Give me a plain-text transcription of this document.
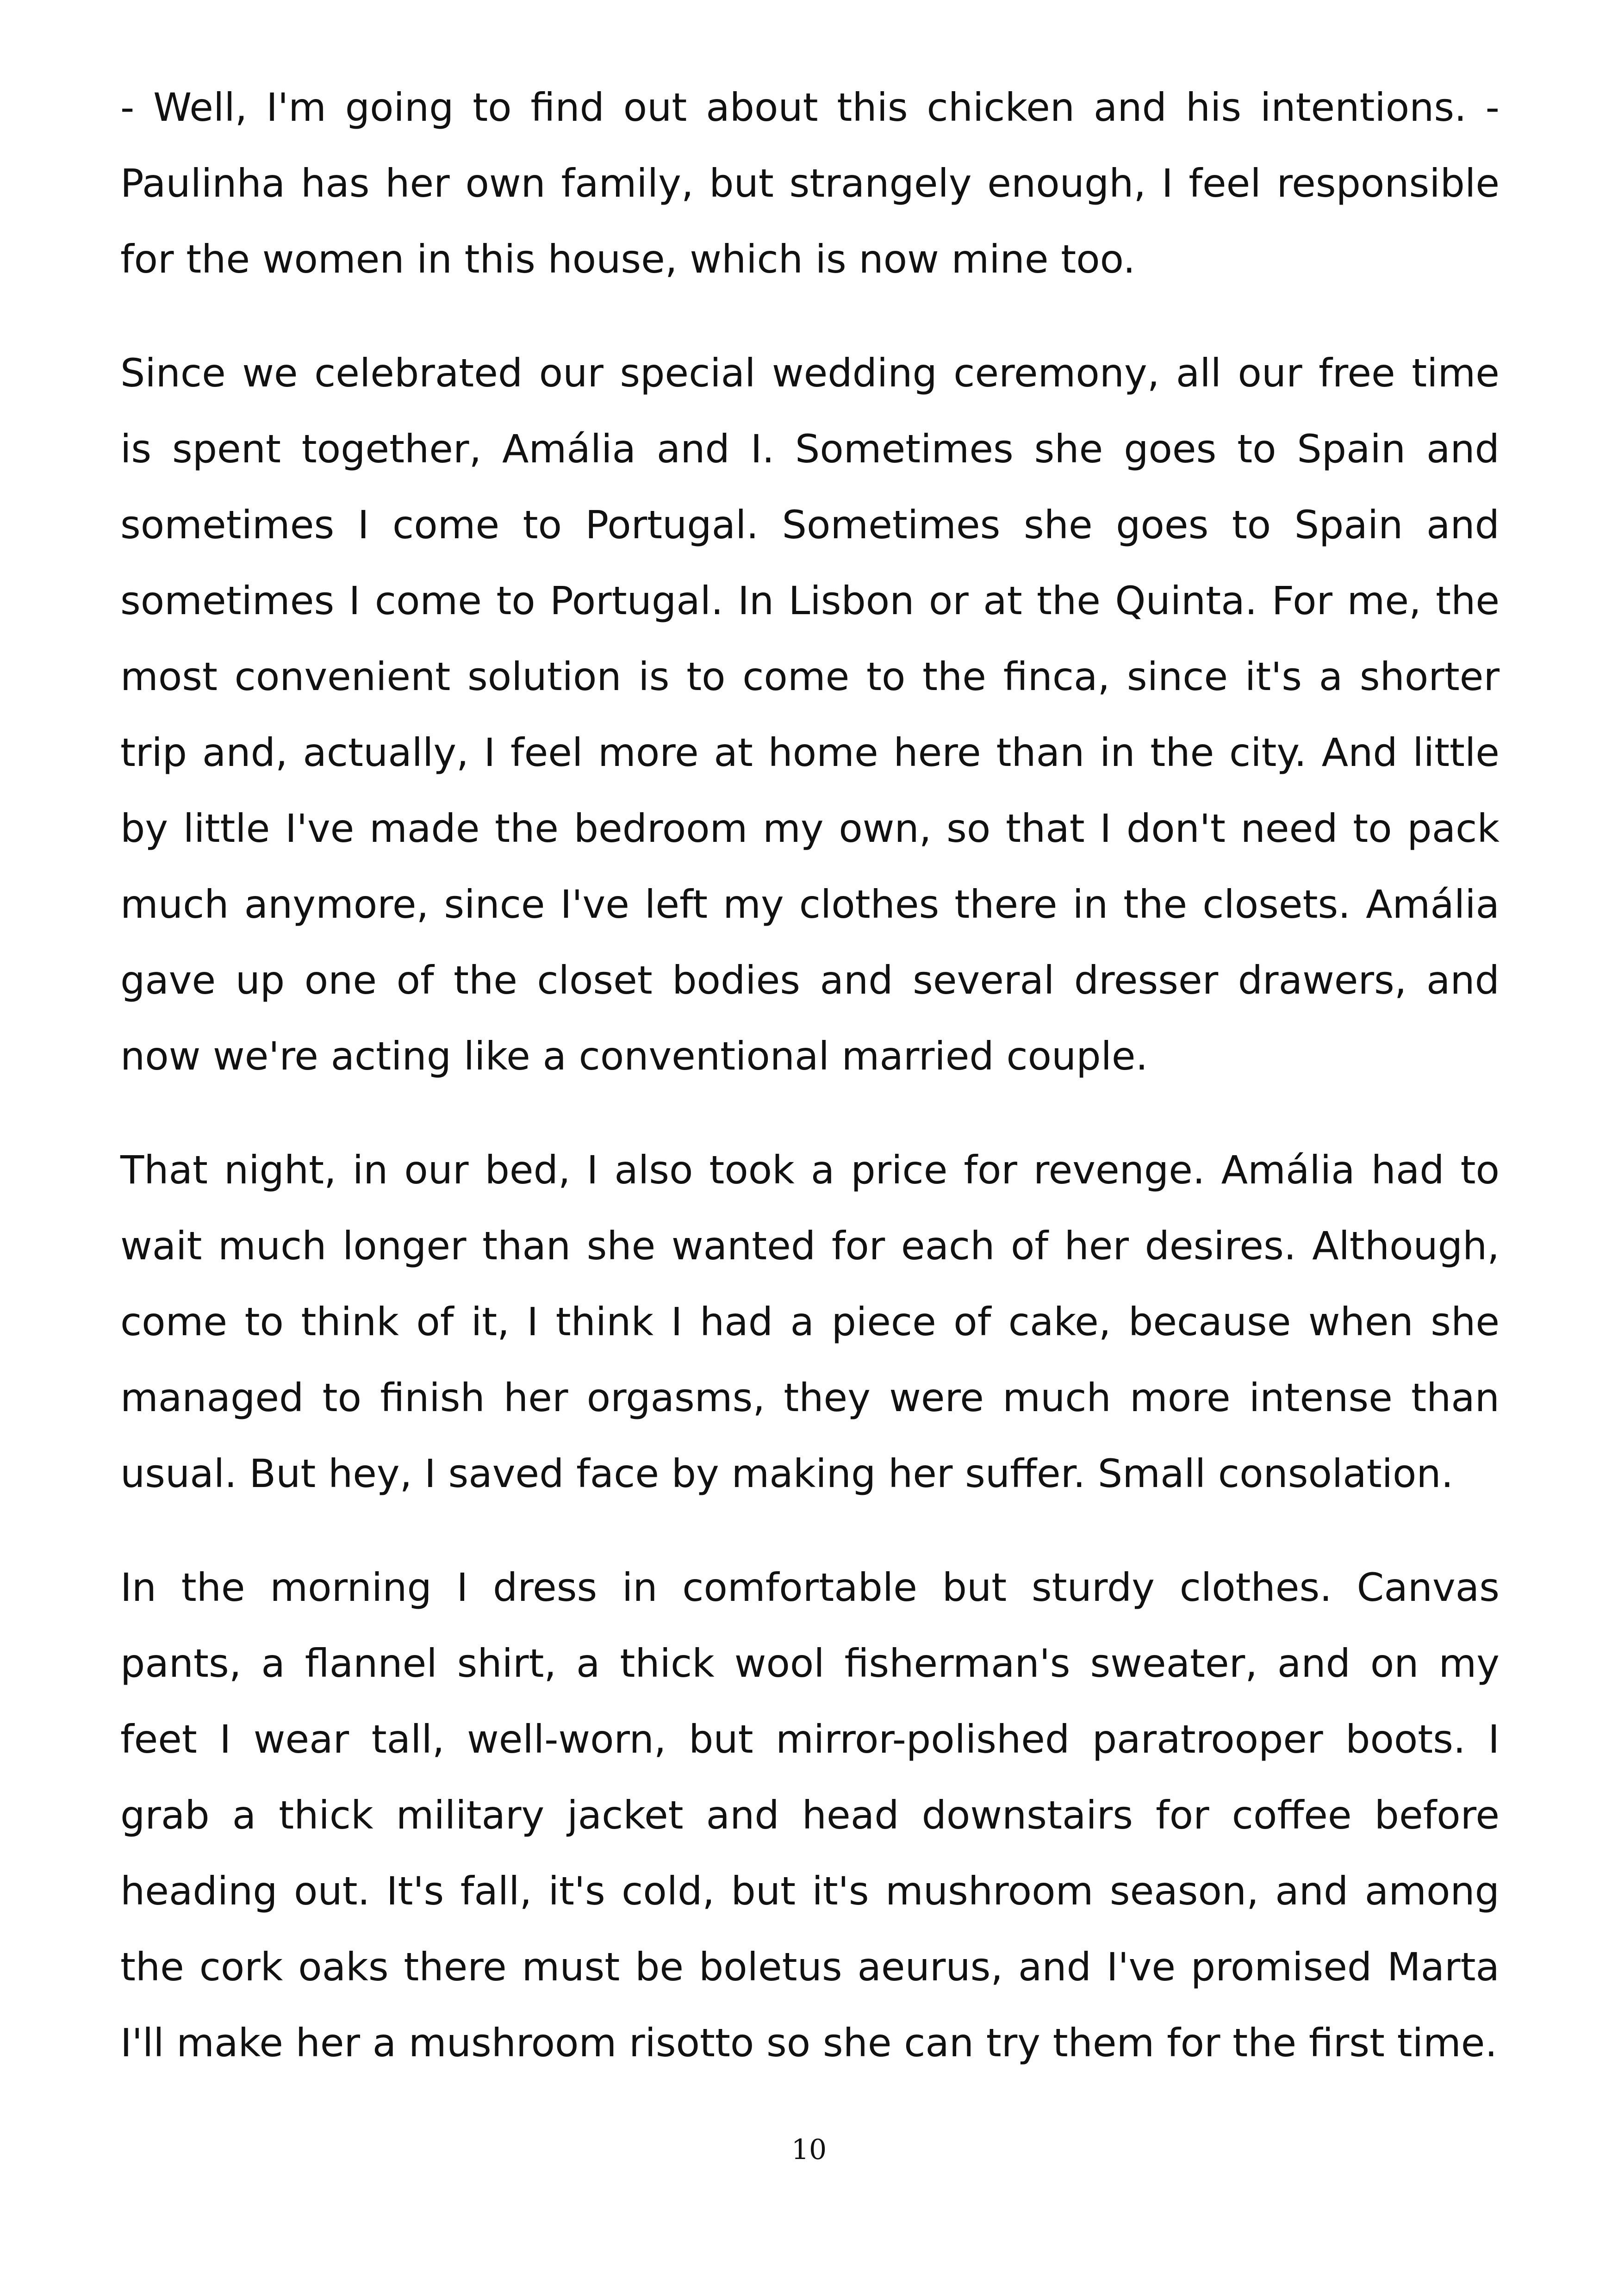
- Well, I'm going to find out about this chicken and his intentions. - Paulinha has her own family, but strangely enough, I feel responsible for the women in this house, which is now mine too.

Since we celebrated our special wedding ceremony, all our free time is spent together, Amália and I. Sometimes she goes to Spain and sometimes I come to Portugal. Sometimes she goes to Spain and sometimes I come to Portugal. In Lisbon or at the Quinta. For me, the most convenient solution is to come to the finca, since it's a shorter trip and, actually, I feel more at home here than in the city. And little by little I've made the bedroom my own, so that I don't need to pack much anymore, since I've left my clothes there in the closets. Amália gave up one of the closet bodies and several dresser drawers, and now we're acting like a conventional married couple.

That night, in our bed, I also took a price for revenge. Amália had to wait much longer than she wanted for each of her desires. Although, come to think of it, I think I had a piece of cake, because when she managed to finish her orgasms, they were much more intense than usual. But hey, I saved face by making her suffer. Small consolation.

In the morning I dress in comfortable but sturdy clothes. Canvas pants, a flannel shirt, a thick wool fisherman's sweater, and on my feet I wear tall, well-worn, but mirror-polished paratrooper boots. I grab a thick military jacket and head downstairs for coffee before heading out. It's fall, it's cold, but it's mushroom season, and among the cork oaks there must be boletus aeurus, and I've promised Marta I'll make her a mushroom risotto so she can try them for the first time.

10
